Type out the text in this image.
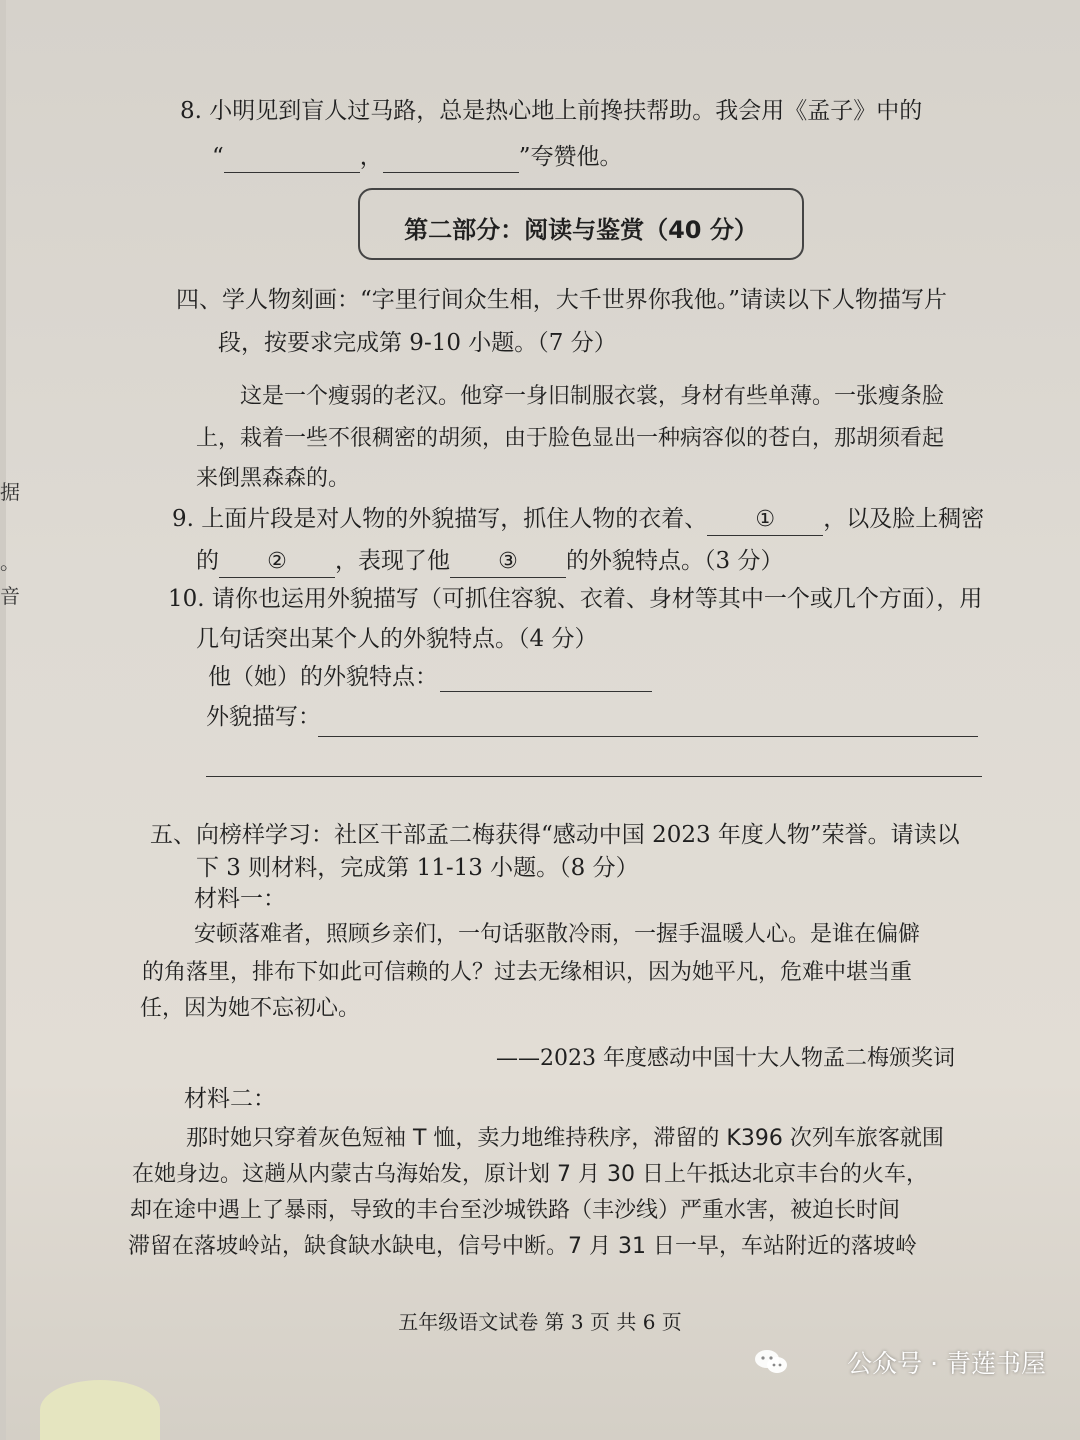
据
。
音
8. 小明见到盲人过马路，总是热心地上前搀扶帮助。我会用《孟子》中的
“	，	”夸赞他。
第二部分：阅读与鉴赏（40 分）
四、学人物刻画：“字里行间众生相，大千世界你我他。”请读以下人物描写片
段，按要求完成第 9-10 小题。（7 分）
这是一个瘦弱的老汉。他穿一身旧制服衣裳，身材有些单薄。一张瘦条脸
上，栽着一些不很稠密的胡须，由于脸色显出一种病容似的苍白，那胡须看起
来倒黑森森的。
9. 上面片段是对人物的外貌描写，抓住人物的衣着、 ① ，以及脸上稠密
的 ② ，表现了他 ③ 的外貌特点。（3 分）
10. 请你也运用外貌描写（可抓住容貌、衣着、身材等其中一个或几个方面），用
几句话突出某个人的外貌特点。（4 分）
他（她）的外貌特点：
外貌描写：
五、向榜样学习：社区干部孟二梅获得“感动中国 2023 年度人物”荣誉。请读以
下 3 则材料，完成第 11-13 小题。（8 分）
材料一：
安顿落难者，照顾乡亲们，一句话驱散冷雨，一握手温暖人心。是谁在偏僻
的角落里，排布下如此可信赖的人？过去无缘相识，因为她平凡，危难中堪当重
任，因为她不忘初心。
——2023 年度感动中国十大人物孟二梅颁奖词
材料二：
那时她只穿着灰色短袖 T 恤，卖力地维持秩序，滞留的 K396 次列车旅客就围
在她身边。这趟从内蒙古乌海始发，原计划 7 月 30 日上午抵达北京丰台的火车，
却在途中遇上了暴雨，导致的丰台至沙城铁路（丰沙线）严重水害，被迫长时间
滞留在落坡岭站，缺食缺水缺电，信号中断。7 月 31 日一早，车站附近的落坡岭
五年级语文试卷 第 3 页 共 6 页
公众号 · 青莲书屋
